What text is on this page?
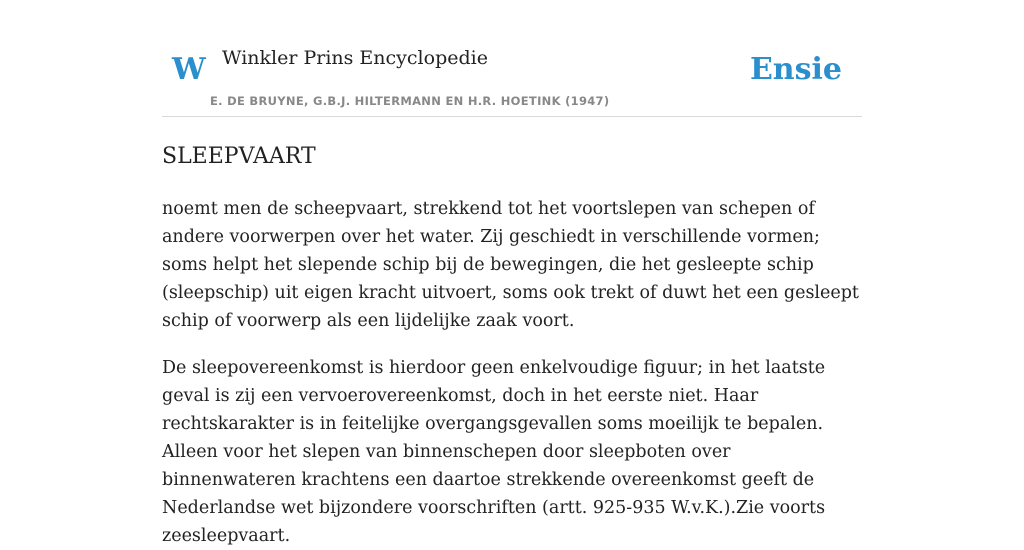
W Winkler Prins Encyclopedie
E. DE BRUYNE, G.B.J. HILTERMANN EN H.R. HOETINK (1947)
Ensie
SLEEPVAART

noemt men de scheepvaart, strekkend tot het voortslepen van schepen of andere voorwerpen over het water. Zij geschiedt in verschillende vormen; soms helpt het slepende schip bij de bewegingen, die het gesleepte schip (sleepschip) uit eigen kracht uitvoert, soms ook trekt of duwt het een gesleept schip of voorwerp als een lijdelijke zaak voort.

De sleepovereenkomst is hierdoor geen enkelvoudige figuur; in het laatste geval is zij een vervoerovereenkomst, doch in het eerste niet. Haar rechtskarakter is in feitelijke overgangsgevallen soms moeilijk te bepalen. Alleen voor het slepen van binnenschepen door sleepboten over binnenwateren krachtens een daartoe strekkende overeenkomst geeft de Nederlandse wet bijzondere voorschriften (artt. 925-935 W.v.K.).Zie voorts zeesleepvaart.
